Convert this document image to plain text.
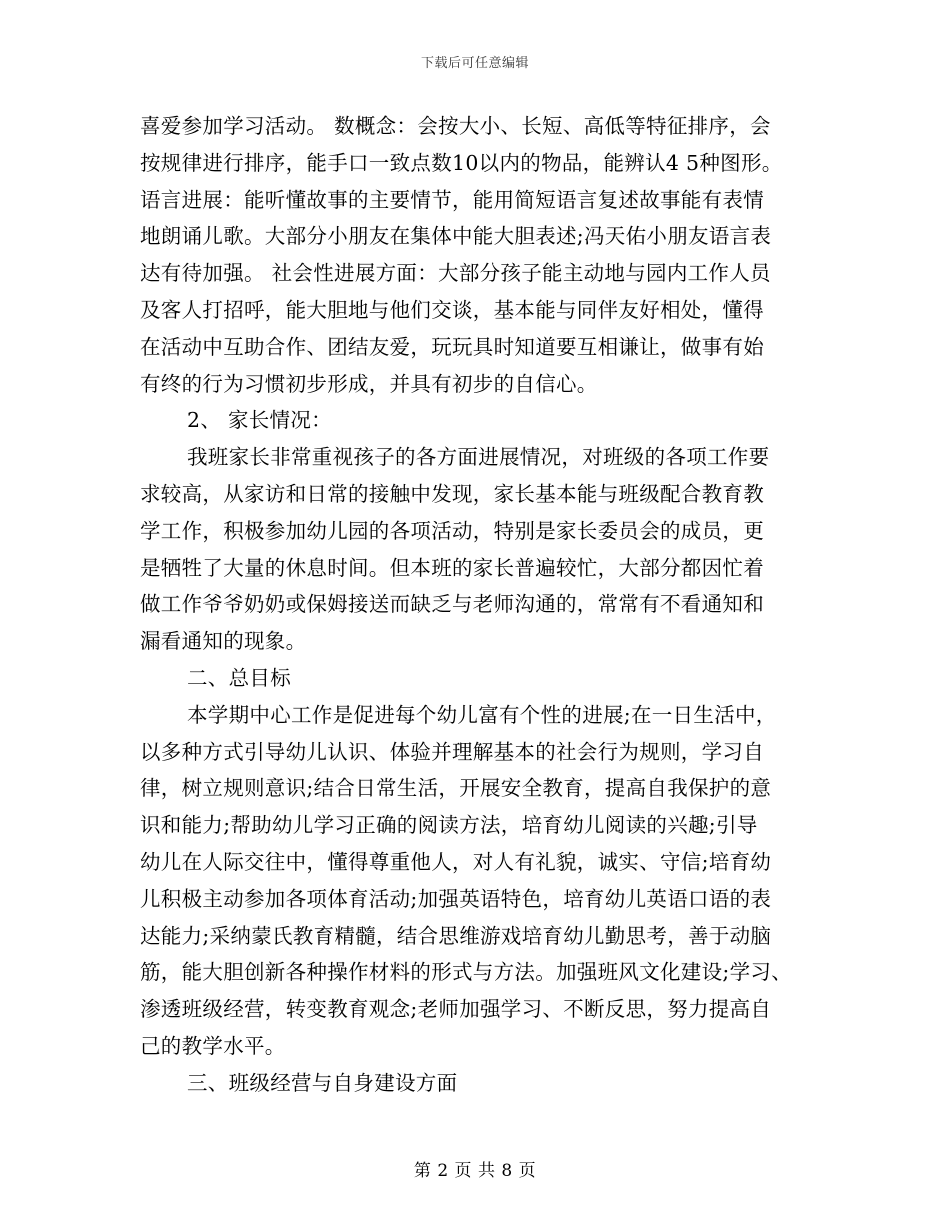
下载后可任意编辑
喜爱参加学习活动。 数概念：会按大小、长短、高低等特征排序，会
按规律进行排序，能手口一致点数10以内的物品，能辨认4 5种图形。
语言进展：能听懂故事的主要情节，能用简短语言复述故事能有表情
地朗诵儿歌。大部分小朋友在集体中能大胆表述;冯天佑小朋友语言表
达有待加强。 社会性进展方面：大部分孩子能主动地与园内工作人员
及客人打招呼，能大胆地与他们交谈，基本能与同伴友好相处，懂得
在活动中互助合作、团结友爱，玩玩具时知道要互相谦让，做事有始
有终的行为习惯初步形成，并具有初步的自信心。
2、 家长情况：
我班家长非常重视孩子的各方面进展情况，对班级的各项工作要
求较高，从家访和日常的接触中发现，家长基本能与班级配合教育教
学工作，积极参加幼儿园的各项活动，特别是家长委员会的成员，更
是牺牲了大量的休息时间。但本班的家长普遍较忙，大部分都因忙着
做工作爷爷奶奶或保姆接送而缺乏与老师沟通的，常常有不看通知和
漏看通知的现象。
二、总目标
本学期中心工作是促进每个幼儿富有个性的进展;在一日生活中，
以多种方式引导幼儿认识、体验并理解基本的社会行为规则，学习自
律，树立规则意识;结合日常生活，开展安全教育，提高自我保护的意
识和能力;帮助幼儿学习正确的阅读方法，培育幼儿阅读的兴趣;引导
幼儿在人际交往中，懂得尊重他人，对人有礼貌，诚实、守信;培育幼
儿积极主动参加各项体育活动;加强英语特色，培育幼儿英语口语的表
达能力;采纳蒙氏教育精髓，结合思维游戏培育幼儿勤思考，善于动脑
筋，能大胆创新各种操作材料的形式与方法。加强班风文化建设;学习、
渗透班级经营，转变教育观念;老师加强学习、不断反思，努力提高自
己的教学水平。
三、班级经营与自身建设方面
第 2 页 共 8 页
